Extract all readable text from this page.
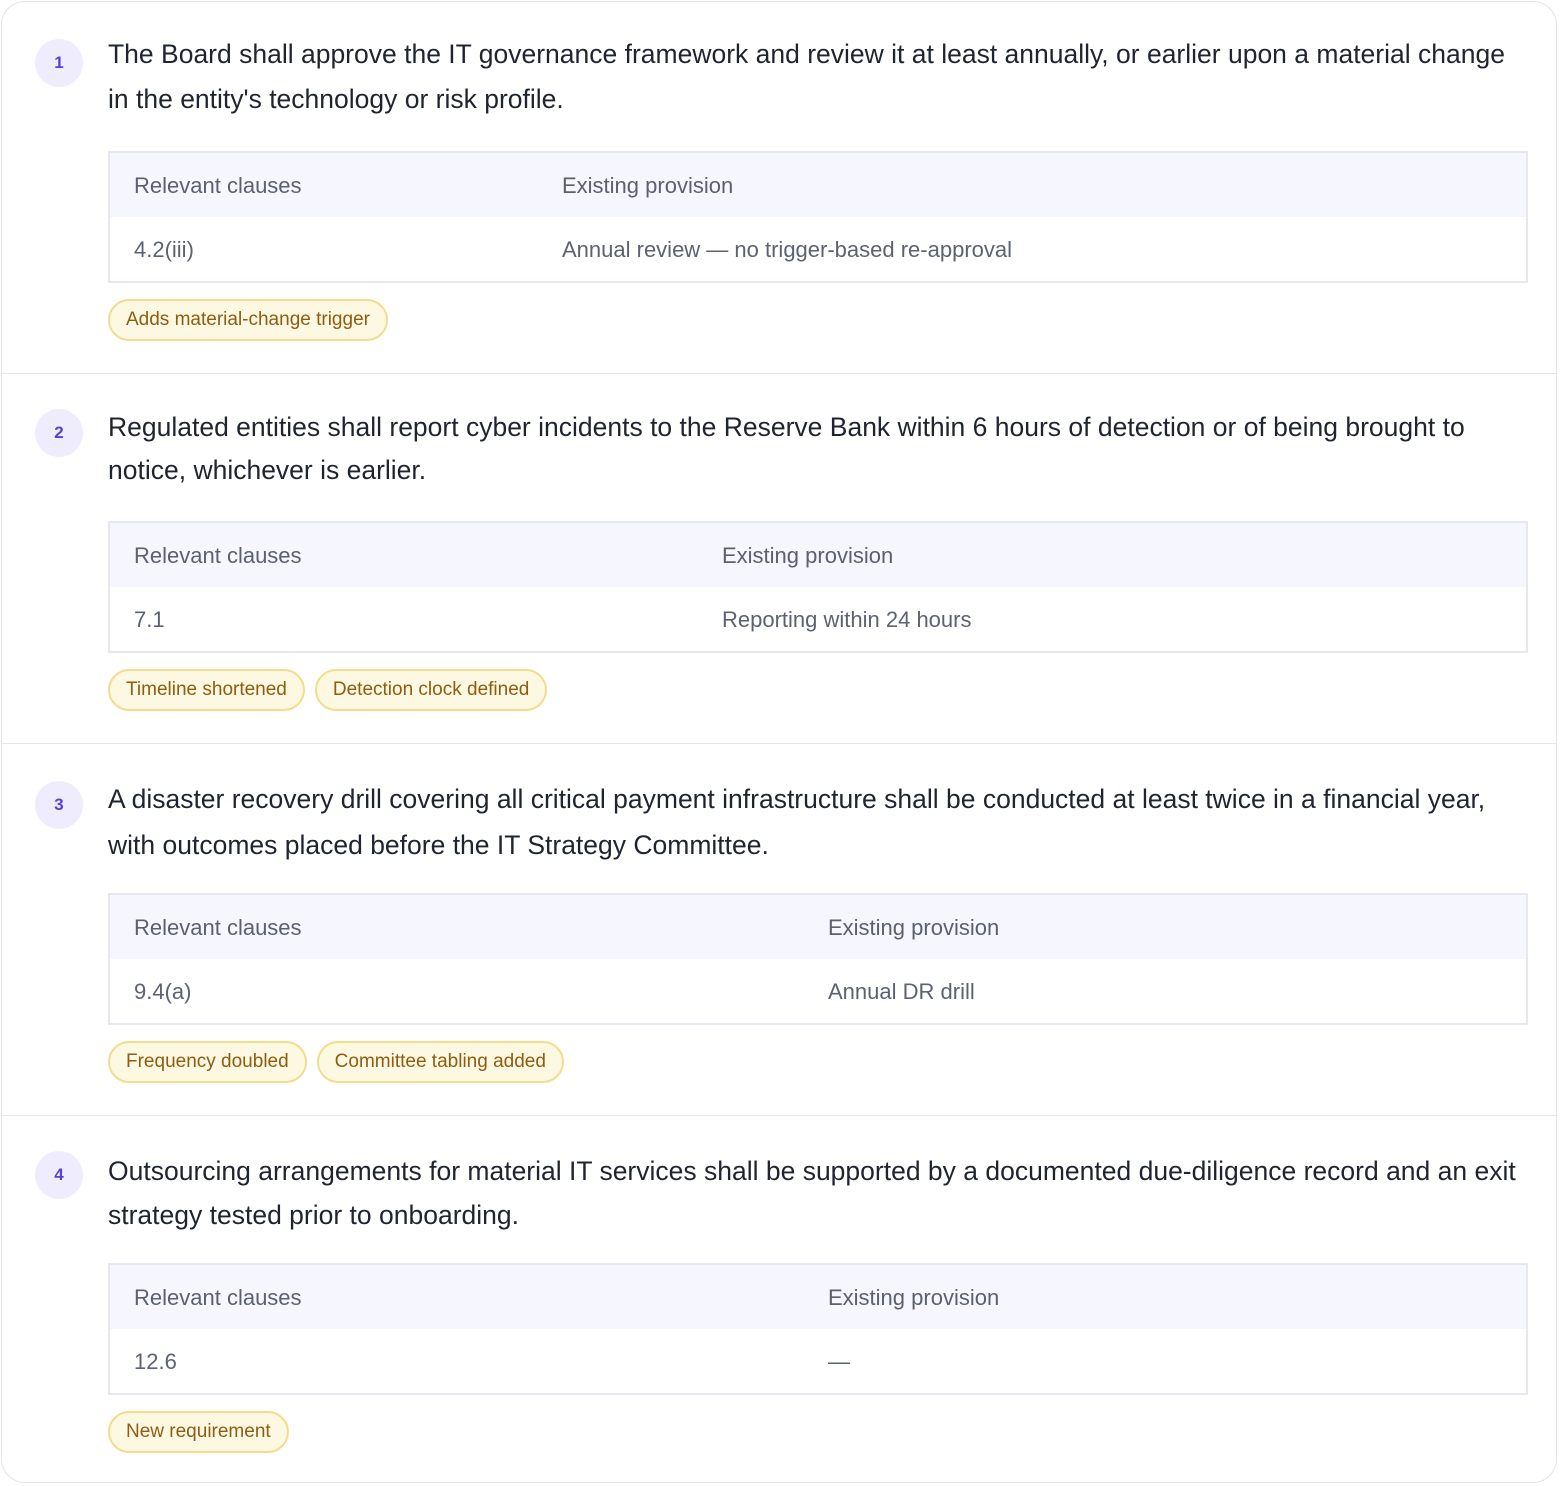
1	The Board shall approve the IT governance framework and review it at least annually, or earlier upon a material change in the entity's technology or risk profile.
Relevant clauses	Existing provision
4.2(iii)	Annual review — no trigger-based re-approval
Adds material-change trigger
2	Regulated entities shall report cyber incidents to the Reserve Bank within 6 hours of detection or of being brought to notice, whichever is earlier.
Relevant clauses	Existing provision
7.1	Reporting within 24 hours
Timeline shortened	Detection clock defined
3	A disaster recovery drill covering all critical payment infrastructure shall be conducted at least twice in a financial year, with outcomes placed before the IT Strategy Committee.
Relevant clauses	Existing provision
9.4(a)	Annual DR drill
Frequency doubled	Committee tabling added
4	Outsourcing arrangements for material IT services shall be supported by a documented due-diligence record and an exit strategy tested prior to onboarding.
Relevant clauses	Existing provision
12.6	—
New requirement
